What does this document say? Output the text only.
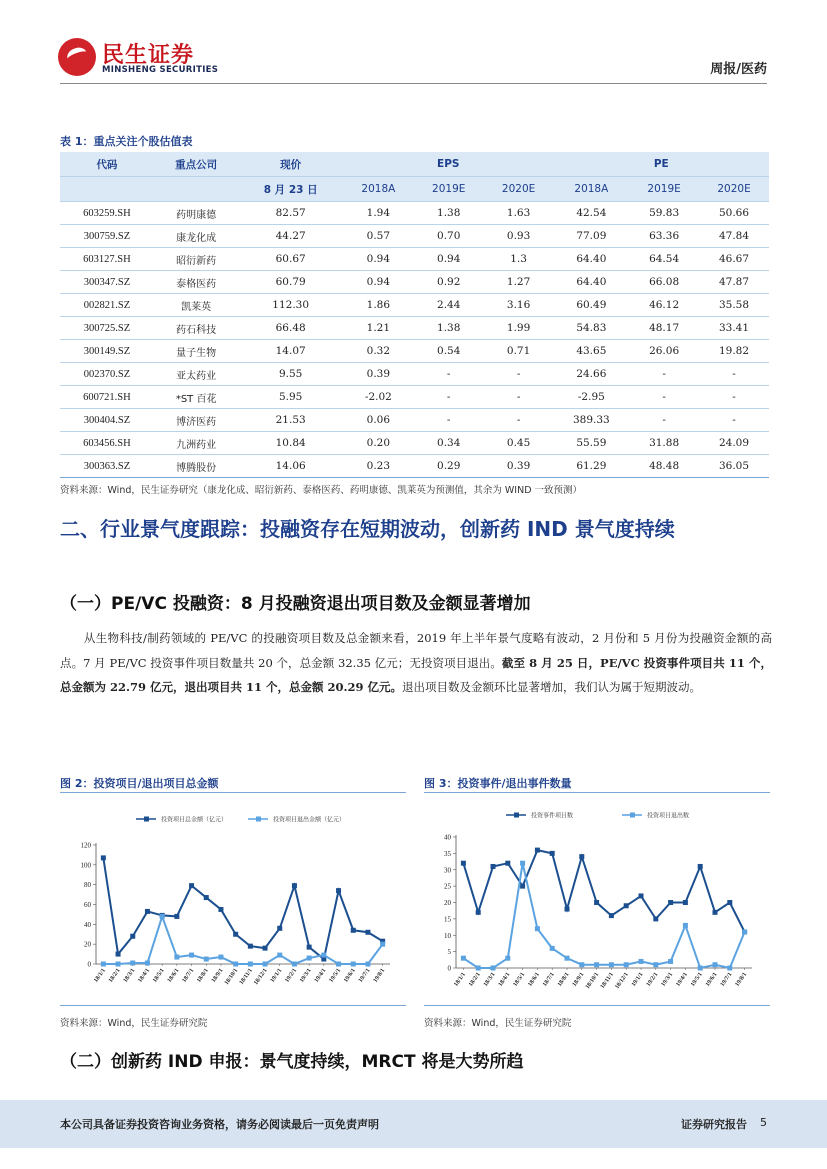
民生证券
MINSHENG SECURITIES	周报/医药
表 1：重点关注个股估值表
代码	重点公司	现价	EPS			PE		
		8 月 23 日	2018A	2019E	2020E	2018A	2019E	2020E
603259.SH	药明康德	82.57	1.94	1.38	1.63	42.54	59.83	50.66
300759.SZ	康龙化成	44.27	0.57	0.70	0.93	77.09	63.36	47.84
603127.SH	昭衍新药	60.67	0.94	0.94	1.3	64.40	64.54	46.67
300347.SZ	泰格医药	60.79	0.94	0.92	1.27	64.40	66.08	47.87
002821.SZ	凯莱英	112.30	1.86	2.44	3.16	60.49	46.12	35.58
300725.SZ	药石科技	66.48	1.21	1.38	1.99	54.83	48.17	33.41
300149.SZ	量子生物	14.07	0.32	0.54	0.71	43.65	26.06	19.82
002370.SZ	亚太药业	9.55	0.39	-	-	24.66	-	-
600721.SH	*ST 百花	5.95	-2.02	-	-	-2.95	-	-
300404.SZ	博济医药	21.53	0.06	-	-	389.33	-	-
603456.SH	九洲药业	10.84	0.20	0.34	0.45	55.59	31.88	24.09
300363.SZ	博腾股份	14.06	0.23	0.29	0.39	61.29	48.48	36.05
资料来源：Wind，民生证券研究（康龙化成、昭衍新药、泰格医药、药明康德、凯莱英为预测值，其余为 WIND 一致预测）
二、行业景气度跟踪：投融资存在短期波动，创新药 IND 景气度持续
（一）PE/VC 投融资：8 月投融资退出项目数及金额显著增加
从生物科技/制药领域的 PE/VC 的投融资项目数及总金额来看，2019 年上半年景气度略有波动，2 月份和 5 月份为投融资金额的高点。7 月 PE/VC 投资事件项目数量共 20 个，总金额 32.35 亿元；无投资项目退出。截至 8 月 25 日，PE/VC 投资事件项目共 11 个，总金额为 22.79 亿元，退出项目共 11 个，总金额 20.29 亿元。退出项目数及金额环比显著增加，我们认为属于短期波动。
图 2：投资项目/退出项目总金额
0
20
40
60
80
100
120
18/1/1 18/2/1 18/3/1 18/4/1 18/5/1 18/6/1 18/7/1 18/8/1 18/9/1 18/10/1 18/11/1 18/12/1 19/1/1 19/2/1 19/3/1 19/4/1 19/5/1 19/6/1 19/7/1 19/8/1
投资项目总金额（亿元）	投资项目退出金额（亿元）
资料来源：Wind，民生证券研究院
图 3：投资事件/退出事件数量
0
5
10
15
20
25
30
35
40
18/1/1 18/2/1 18/3/1 18/4/1 18/5/1 18/6/1 18/7/1 18/8/1 18/9/1 18/10/1 18/11/1 18/12/1 19/1/1 19/2/1 19/3/1 19/4/1 19/5/1 19/6/1 19/7/1 19/8/1
投资事件项目数	投资项目退出数
资料来源：Wind，民生证券研究院
（二）创新药 IND 申报：景气度持续，MRCT 将是大势所趋
本公司具备证券投资咨询业务资格，请务必阅读最后一页免责声明	证券研究报告 5
